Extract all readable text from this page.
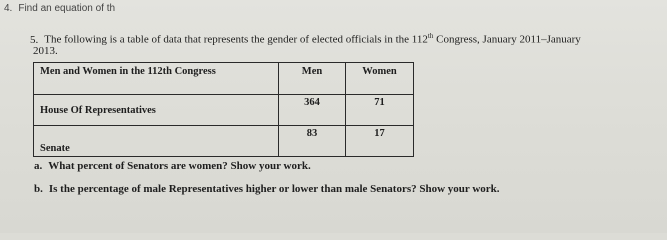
4. Find an equation of th
5. The following is a table of data that represents the gender of elected officials in the 112th Congress, January 2011–January
2013.
Men and Women in the 112th Congress	Men	Women
House Of Representatives	364	71
Senate	83	17
a. What percent of Senators are women? Show your work.
b. Is the percentage of male Representatives higher or lower than male Senators? Show your work.
